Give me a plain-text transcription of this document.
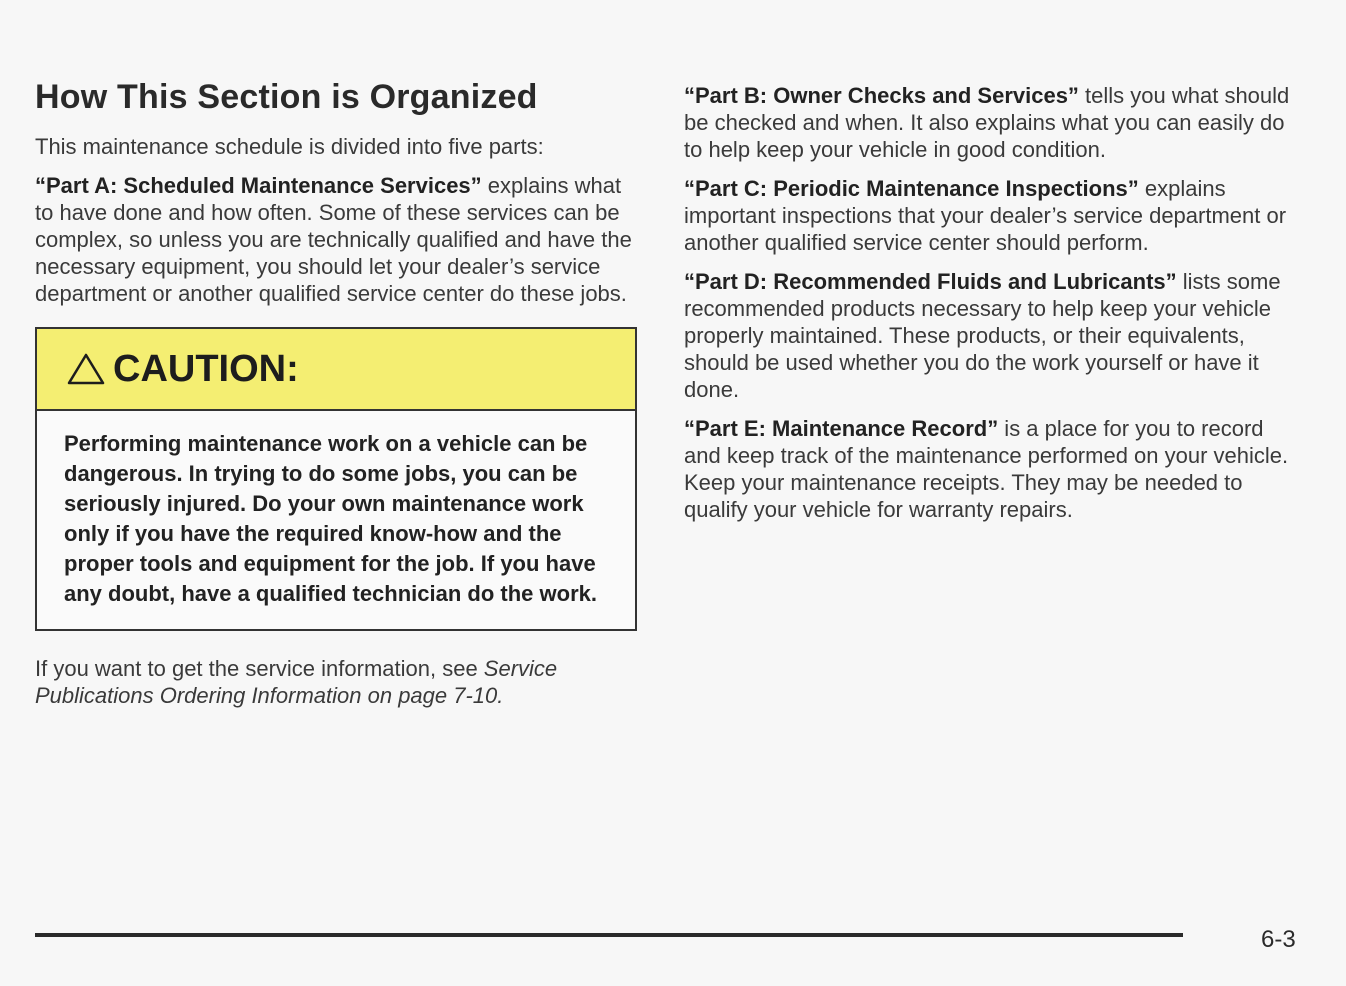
How This Section is Organized

This maintenance schedule is divided into five parts:

“Part A: Scheduled Maintenance Services” explains what to have done and how often. Some of these services can be complex, so unless you are technically qualified and have the necessary equipment, you should let your dealer’s service department or another qualified service center do these jobs.

CAUTION:
Performing maintenance work on a vehicle can be dangerous. In trying to do some jobs, you can be seriously injured. Do your own maintenance work only if you have the required know-how and the proper tools and equipment for the job. If you have any doubt, have a qualified technician do the work.

If you want to get the service information, see Service Publications Ordering Information on page 7-10.

“Part B: Owner Checks and Services” tells you what should be checked and when. It also explains what you can easily do to help keep your vehicle in good condition.

“Part C: Periodic Maintenance Inspections” explains important inspections that your dealer’s service department or another qualified service center should perform.

“Part D: Recommended Fluids and Lubricants” lists some recommended products necessary to help keep your vehicle properly maintained. These products, or their equivalents, should be used whether you do the work yourself or have it done.

“Part E: Maintenance Record” is a place for you to record and keep track of the maintenance performed on your vehicle. Keep your maintenance receipts. They may be needed to qualify your vehicle for warranty repairs.

6-3
